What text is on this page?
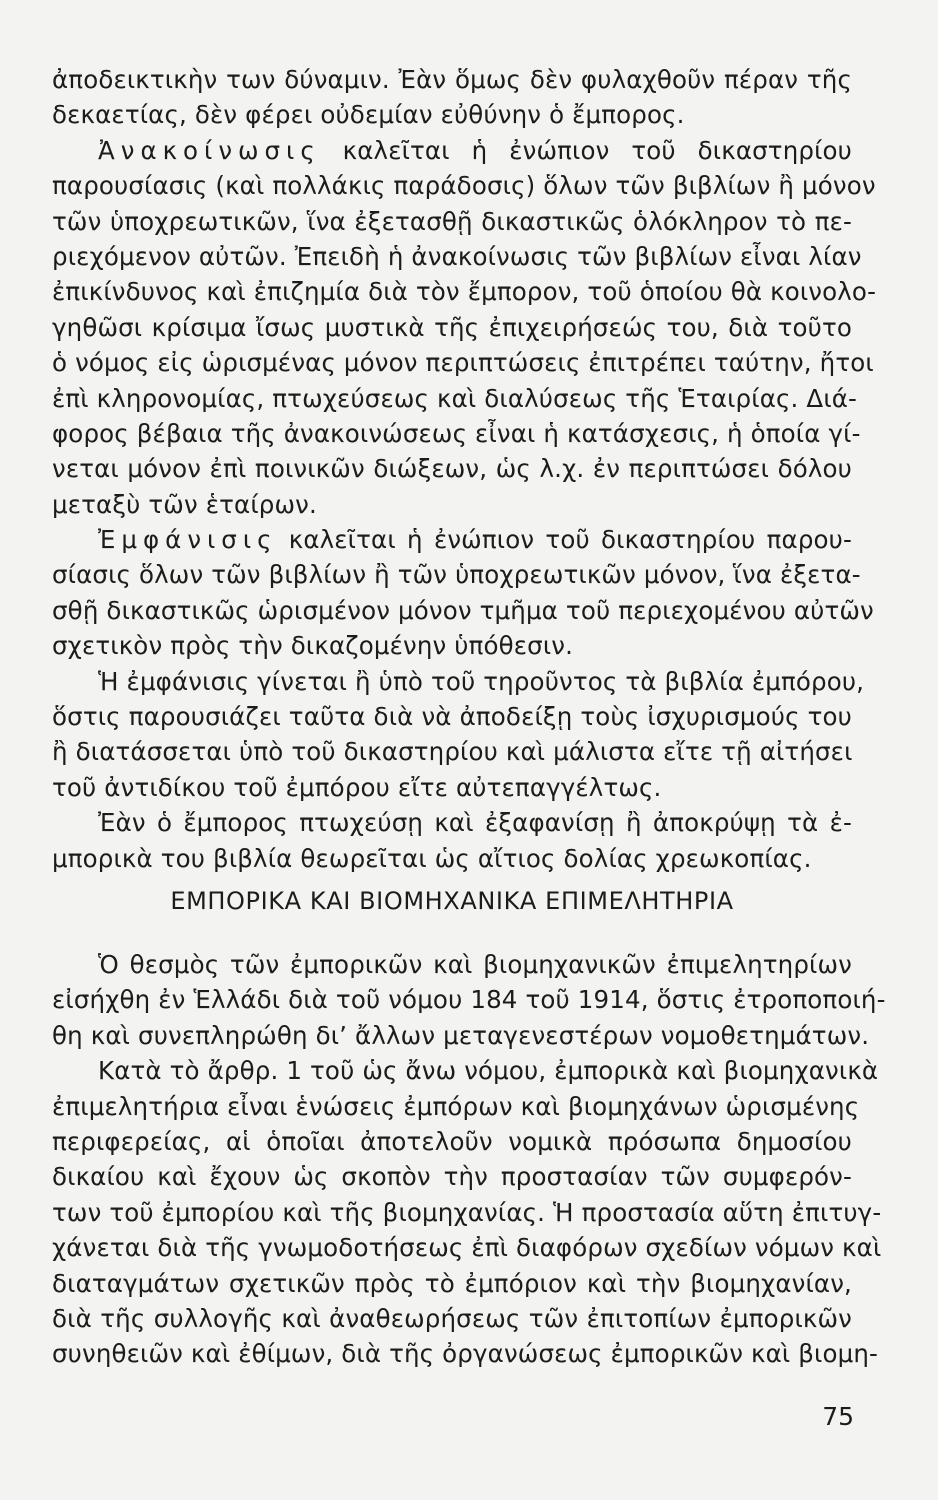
ἀποδεικτικὴν των δύναμιν. Ἐὰν ὅμως δὲν φυλαχθοῦν πέραν τῆς
δεκαετίας, δὲν φέρει οὐδεμίαν εὐθύνην ὁ ἔμπορος.
Ἀνακοίνωσις καλεῖται ἡ ἐνώπιον τοῦ δικαστηρίου
παρουσίασις (καὶ πολλάκις παράδοσις) ὅλων τῶν βιβλίων ἢ μόνον
τῶν ὑποχρεωτικῶν, ἵνα ἐξετασθῇ δικαστικῶς ὁλόκληρον τὸ πε-
ριεχόμενον αὐτῶν. Ἐπειδὴ ἡ ἀνακοίνωσις τῶν βιβλίων εἶναι λίαν
ἐπικίνδυνος καὶ ἐπιζημία διὰ τὸν ἔμπορον, τοῦ ὁποίου θὰ κοινολο-
γηθῶσι κρίσιμα ἴσως μυστικὰ τῆς ἐπιχειρήσεώς του, διὰ τοῦτο
ὁ νόμος εἰς ὡρισμένας μόνον περιπτώσεις ἐπιτρέπει ταύτην, ἤτοι
ἐπὶ κληρονομίας, πτωχεύσεως καὶ διαλύσεως τῆς Ἑταιρίας. Διά-
φορος βέβαια τῆς ἀνακοινώσεως εἶναι ἡ κατάσχεσις, ἡ ὁποία γί-
νεται μόνον ἐπὶ ποινικῶν διώξεων, ὡς λ.χ. ἐν περιπτώσει δόλου
μεταξὺ τῶν ἑταίρων.
Ἐμφάνισις καλεῖται ἡ ἐνώπιον τοῦ δικαστηρίου παρου-
σίασις ὅλων τῶν βιβλίων ἢ τῶν ὑποχρεωτικῶν μόνον, ἵνα ἐξετα-
σθῇ δικαστικῶς ὡρισμένον μόνον τμῆμα τοῦ περιεχομένου αὐτῶν
σχετικὸν πρὸς τὴν δικαζομένην ὑπόθεσιν.
Ἡ ἐμφάνισις γίνεται ἢ ὑπὸ τοῦ τηροῦντος τὰ βιβλία ἐμπόρου,
ὅστις παρουσιάζει ταῦτα διὰ νὰ ἀποδείξῃ τοὺς ἰσχυρισμούς του
ἢ διατάσσεται ὑπὸ τοῦ δικαστηρίου καὶ μάλιστα εἴτε τῇ αἰτήσει
τοῦ ἀντιδίκου τοῦ ἐμπόρου εἴτε αὐτεπαγγέλτως.
Ἐὰν ὁ ἔμπορος πτωχεύσῃ καὶ ἐξαφανίσῃ ἢ ἀποκρύψῃ τὰ ἐ-
μπορικὰ του βιβλία θεωρεῖται ὡς αἴτιος δολίας χρεωκοπίας.
ΕΜΠΟΡΙΚΑ ΚΑΙ ΒΙΟΜΗΧΑΝΙΚΑ ΕΠΙΜΕΛΗΤΗΡΙΑ
Ὁ θεσμὸς τῶν ἐμπορικῶν καὶ βιομηχανικῶν ἐπιμελητηρίων
εἰσήχθη ἐν Ἑλλάδι διὰ τοῦ νόμου 184 τοῦ 1914, ὅστις ἐτροποποιή-
θη καὶ συνεπληρώθη δι’ ἄλλων μεταγενεστέρων νομοθετημάτων.
Κατὰ τὸ ἄρθρ. 1 τοῦ ὡς ἄνω νόμου, ἐμπορικὰ καὶ βιομηχανικὰ
ἐπιμελητήρια εἶναι ἑνώσεις ἐμπόρων καὶ βιομηχάνων ὡρισμένης
περιφερείας, αἱ ὁποῖαι ἀποτελοῦν νομικὰ πρόσωπα δημοσίου
δικαίου καὶ ἔχουν ὡς σκοπὸν τὴν προστασίαν τῶν συμφερόν-
των τοῦ ἐμπορίου καὶ τῆς βιομηχανίας. Ἡ προστασία αὕτη ἐπιτυγ-
χάνεται διὰ τῆς γνωμοδοτήσεως ἐπὶ διαφόρων σχεδίων νόμων καὶ
διαταγμάτων σχετικῶν πρὸς τὸ ἐμπόριον καὶ τὴν βιομηχανίαν,
διὰ τῆς συλλογῆς καὶ ἀναθεωρήσεως τῶν ἐπιτοπίων ἐμπορικῶν
συνηθειῶν καὶ ἐθίμων, διὰ τῆς ὀργανώσεως ἐμπορικῶν καὶ βιομη-
75
